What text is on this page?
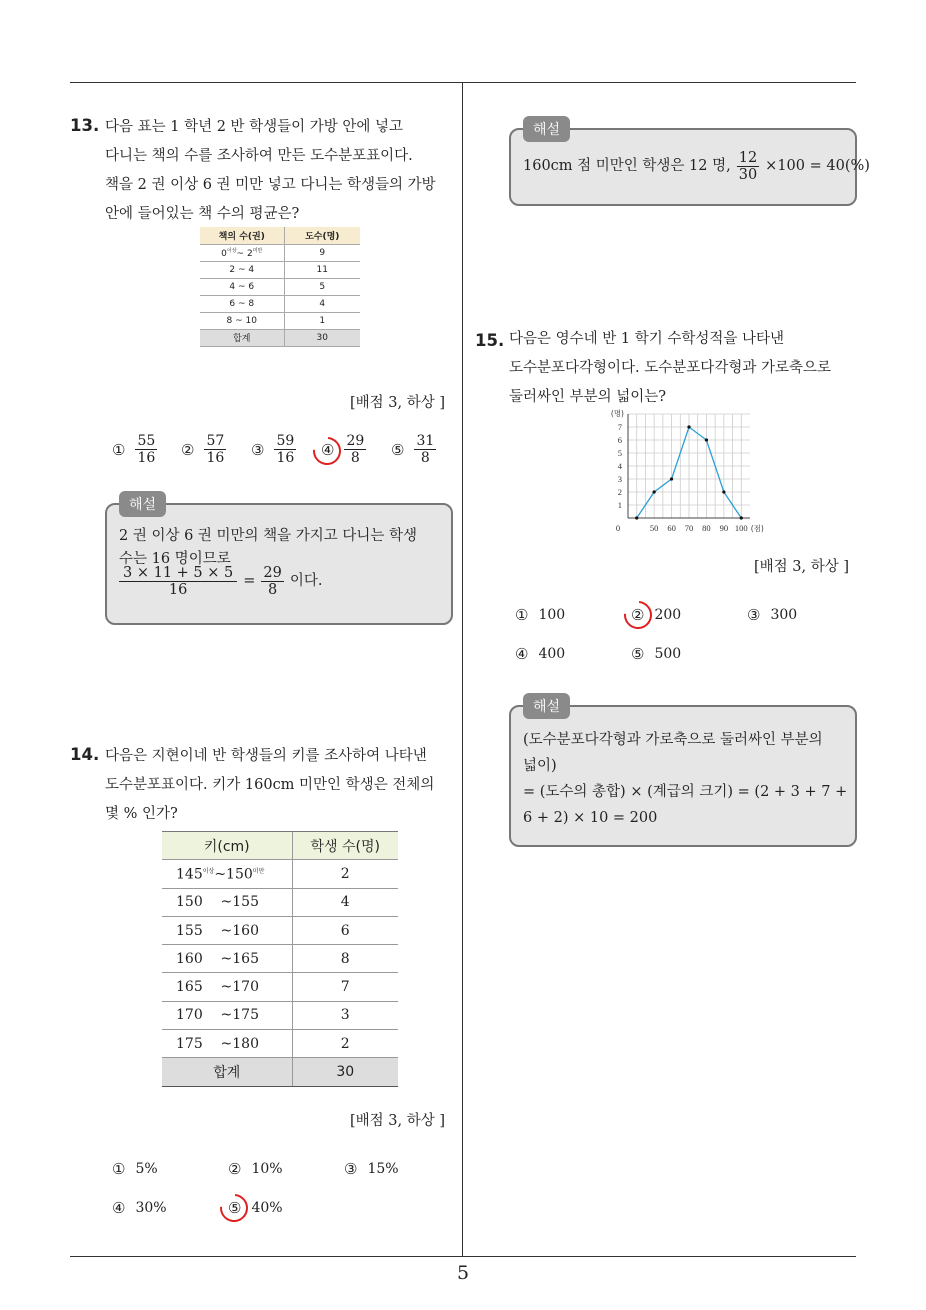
13. 다음 표는 1 학년 2 반 학생들이 가방 안에 넣고
다니는 책의 수를 조사하여 만든 도수분포표이다.
책을 2 권 이상 6 권 미만 넣고 다니는 학생들의 가방
안에 들어있는 책 수의 평균은?
책의 수(권)	도수(명)
$0^{이상}\sim$ $2^{미만}$	9
2 ~ 4	11
4 ~ 6	5
6 ~ 8	4
8 ~ 10	1
합계	30
[배점 3, 하상 ]
① $\frac{55}{16}$ ② $\frac{57}{16}$ ③ $\frac{59}{16}$ ④ $\frac{29}{8}$ ⑤ $\frac{31}{8}$
해설
2 권 이상 6 권 미만의 책을 가지고 다니는 학생
수는 16 명이므로
$\frac{3 \times 11 + 5 \times 5}{16} = \frac{29}{8}$ 이다.
14. 다음은 지현이네 반 학생들의 키를 조사하여 나타낸
도수분포표이다. 키가 160cm 미만인 학생은 전체의
몇 % 인가?
키(cm)	학생 수(명)
$145^{이상}\sim 150^{미만}$	2
150 ~155	4
155 ~160	6
160 ~165	8
165 ~170	7
170 ~175	3
175 ~180	2
합계	30
[배점 3, 하상 ]
① 5%	② 10%	③ 15%
④ 30%	⑤ 40%
해설
160cm 점 미만인 학생은 12 명, $\frac{12}{30} \times 100 = 40(\%)$
15. 다음은 영수네 반 1 학기 수학성적을 나타낸
도수분포다각형이다. 도수분포다각형과 가로축으로
둘러싸인 부분의 넓이는?
1
2
3
4
5
6
7
(명)
0	50 60 70 80 90 100 (점)
[배점 3, 하상 ]
① 100	② 200	③ 300
④ 400	⑤ 500
해설
(도수분포다각형과 가로축으로 둘러싸인 부분의
넓이)
= (도수의 총합) × (계급의 크기) = (2 + 3 + 7 +
6 + 2) × 10 = 200
5
